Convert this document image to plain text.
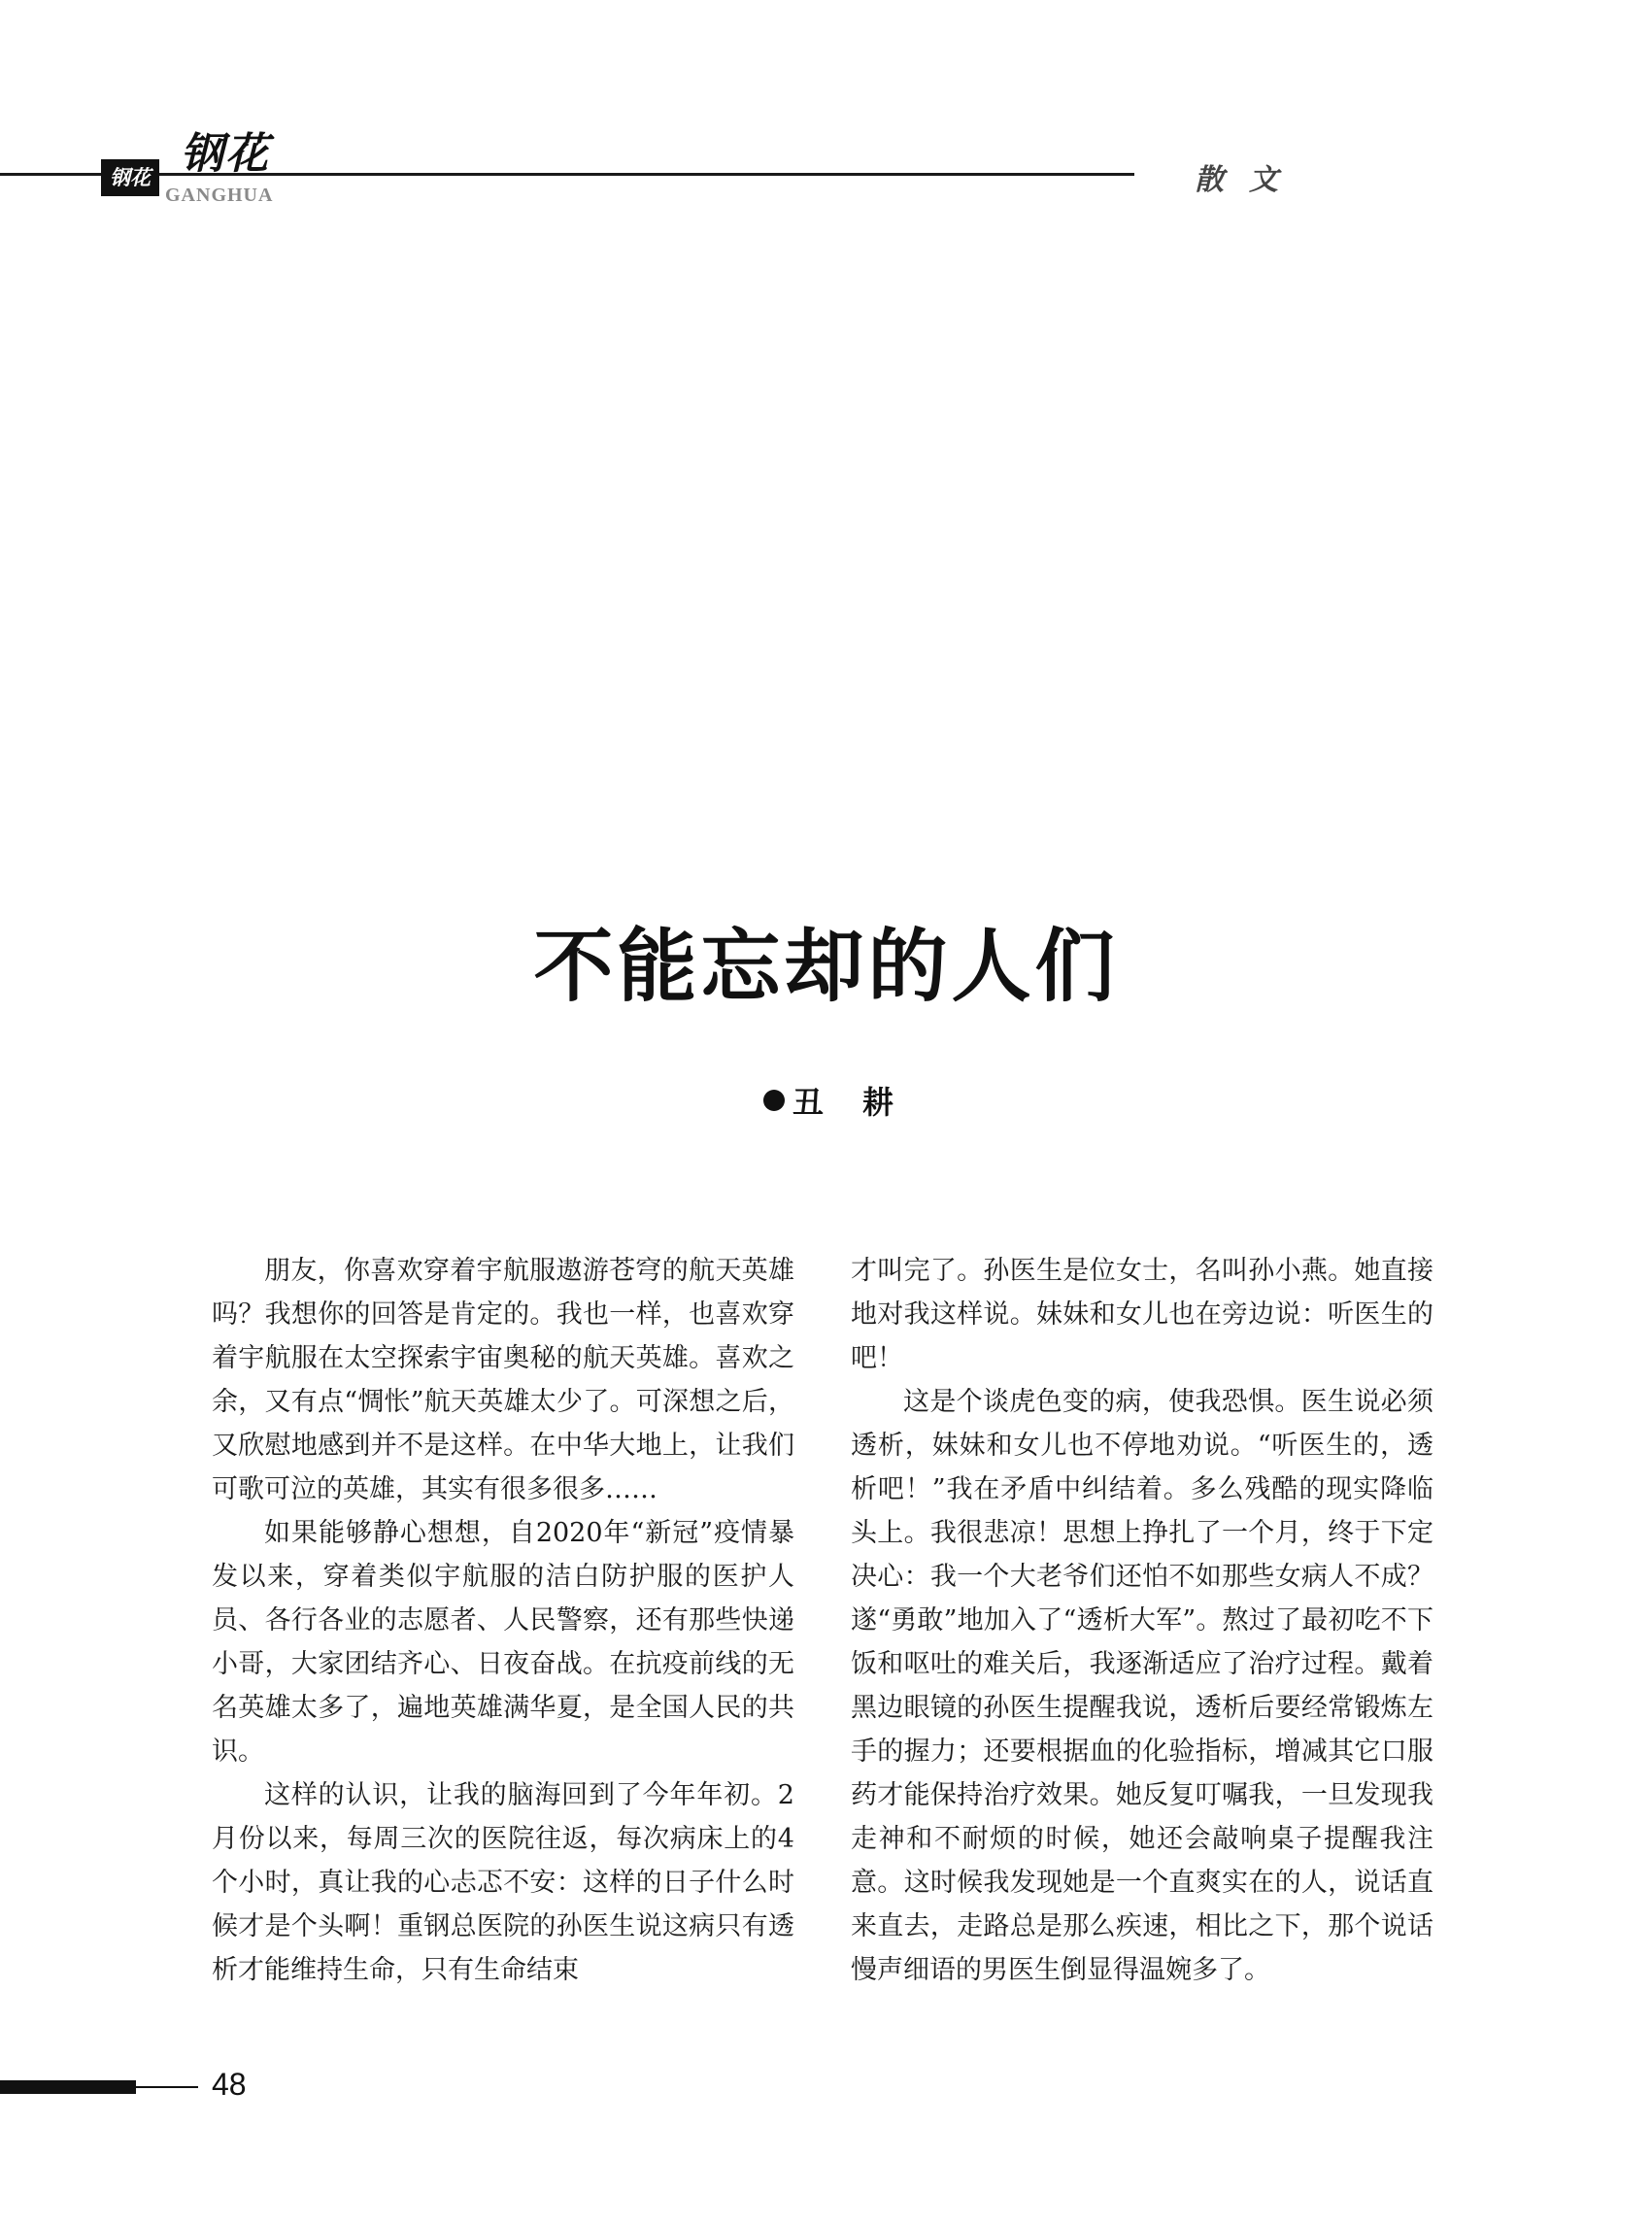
钢花 钢花
GANGHUA	散文
不能忘却的人们
丑耕

朋友，你喜欢穿着宇航服遨游苍穹的航天英雄吗？我想你的回答是肯定的。我也一样，也喜欢穿着宇航服在太空探索宇宙奥秘的航天英雄。喜欢之余，又有点“惆怅”航天英雄太少了。可深想之后，又欣慰地感到并不是这样。在中华大地上，让我们可歌可泣的英雄，其实有很多很多……

如果能够静心想想，自2020年“新冠”疫情暴发以来，穿着类似宇航服的洁白防护服的医护人员、各行各业的志愿者、人民警察，还有那些快递小哥，大家团结齐心、日夜奋战。在抗疫前线的无名英雄太多了，遍地英雄满华夏，是全国人民的共识。

这样的认识，让我的脑海回到了今年年初。2 月份以来，每周三次的医院往返，每次病床上的4个小时，真让我的心忐忑不安：这样的日子什么时候才是个头啊！重钢总医院的孙医生说这病只有透析才能维持生命，只有生命结束

才叫完了。孙医生是位女士，名叫孙小燕。她直接地对我这样说。妹妹和女儿也在旁边说：听医生的吧！

这是个谈虎色变的病，使我恐惧。医生说必须透析，妹妹和女儿也不停地劝说。“听医生的，透析吧！”我在矛盾中纠结着。多么残酷的现实降临头上。我很悲凉！思想上挣扎了一个月，终于下定决心：我一个大老爷们还怕不如那些女病人不成？遂“勇敢”地加入了“透析大军”。熬过了最初吃不下饭和呕吐的难关后，我逐渐适应了治疗过程。戴着黑边眼镜的孙医生提醒我说，透析后要经常锻炼左手的握力；还要根据血的化验指标，增减其它口服药才能保持治疗效果。她反复叮嘱我，一旦发现我走神和不耐烦的时候，她还会敲响桌子提醒我注意。这时候我发现她是一个直爽实在的人，说话直来直去，走路总是那么疾速，相比之下，那个说话慢声细语的男医生倒显得温婉多了。

48
